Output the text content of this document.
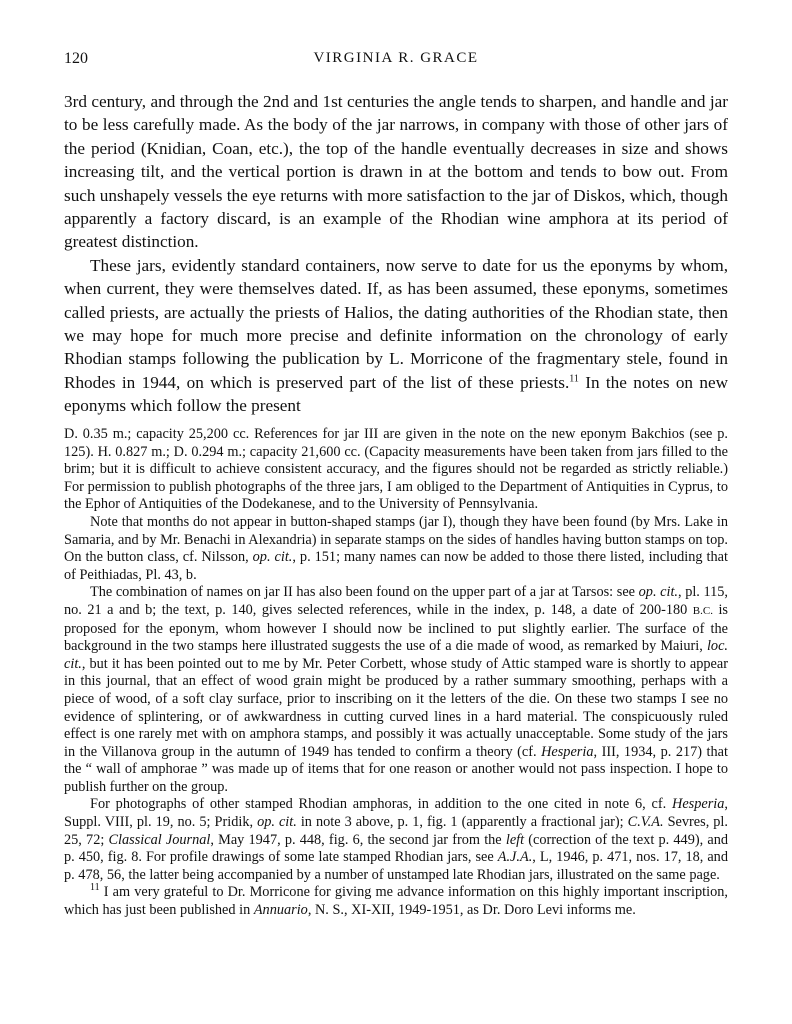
120	VIRGINIA R. GRACE

3rd century, and through the 2nd and 1st centuries the angle tends to sharpen, and handle and jar to be less carefully made. As the body of the jar narrows, in company with those of other jars of the period (Knidian, Coan, etc.), the top of the handle eventually decreases in size and shows increasing tilt, and the vertical portion is drawn in at the bottom and tends to bow out. From such unshapely vessels the eye returns with more satisfaction to the jar of Diskos, which, though apparently a factory discard, is an example of the Rhodian wine amphora at its period of greatest distinction.

These jars, evidently standard containers, now serve to date for us the eponyms by whom, when current, they were themselves dated. If, as has been assumed, these eponyms, sometimes called priests, are actually the priests of Halios, the dating authorities of the Rhodian state, then we may hope for much more precise and definite information on the chronology of early Rhodian stamps following the publication by L. Morricone of the fragmentary stele, found in Rhodes in 1944, on which is preserved part of the list of these priests.$^{11}$ In the notes on new eponyms which follow the present

D. 0.35 m.; capacity 25,200 cc. References for jar III are given in the note on the new eponym Bakchios (see p. 125). H. 0.827 m.; D. 0.294 m.; capacity 21,600 cc. (Capacity measurements have been taken from jars filled to the brim; but it is difficult to achieve consistent accuracy, and the figures should not be regarded as strictly reliable.) For permission to publish photographs of the three jars, I am obliged to the Department of Antiquities in Cyprus, to the Ephor of Antiquities of the Dodekanese, and to the University of Pennsylvania.

Note that months do not appear in button-shaped stamps (jar I), though they have been found (by Mrs. Lake in Samaria, and by Mr. Benachi in Alexandria) in separate stamps on the sides of handles having button stamps on top. On the button class, cf. Nilsson, op. cit., p. 151; many names can now be added to those there listed, including that of Peithiadas, Pl. 43, b.

The combination of names on jar II has also been found on the upper part of a jar at Tarsos: see op. cit., pl. 115, no. 21 a and b; the text, p. 140, gives selected references, while in the index, p. 148, a date of 200-180 B.C. is proposed for the eponym, whom however I should now be inclined to put slightly earlier. The surface of the background in the two stamps here illustrated suggests the use of a die made of wood, as remarked by Maiuri, loc. cit., but it has been pointed out to me by Mr. Peter Corbett, whose study of Attic stamped ware is shortly to appear in this journal, that an effect of wood grain might be produced by a rather summary smoothing, perhaps with a piece of wood, of a soft clay surface, prior to inscribing on it the letters of the die. On these two stamps I see no evidence of splintering, or of awkwardness in cutting curved lines in a hard material. The conspicuously ruled effect is one rarely met with on amphora stamps, and possibly it was actually unacceptable. Some study of the jars in the Villanova group in the autumn of 1949 has tended to confirm a theory (cf. Hesperia, III, 1934, p. 217) that the “ wall of amphorae ” was made up of items that for one reason or another would not pass inspection. I hope to publish further on the group.

For photographs of other stamped Rhodian amphoras, in addition to the one cited in note 6, cf. Hesperia, Suppl. VIII, pl. 19, no. 5; Pridik, op. cit. in note 3 above, p. 1, fig. 1 (apparently a fractional jar); C.V.A. Sevres, pl. 25, 72; Classical Journal, May 1947, p. 448, fig. 6, the second jar from the left (correction of the text p. 449), and p. 450, fig. 8. For profile drawings of some late stamped Rhodian jars, see A.J.A., L, 1946, p. 471, nos. 17, 18, and p. 478, 56, the latter being accompanied by a number of unstamped late Rhodian jars, illustrated on the same page.

$^{11}$ I am very grateful to Dr. Morricone for giving me advance information on this highly important inscription, which has just been published in Annuario, N. S., XI-XII, 1949-1951, as Dr. Doro Levi informs me.
